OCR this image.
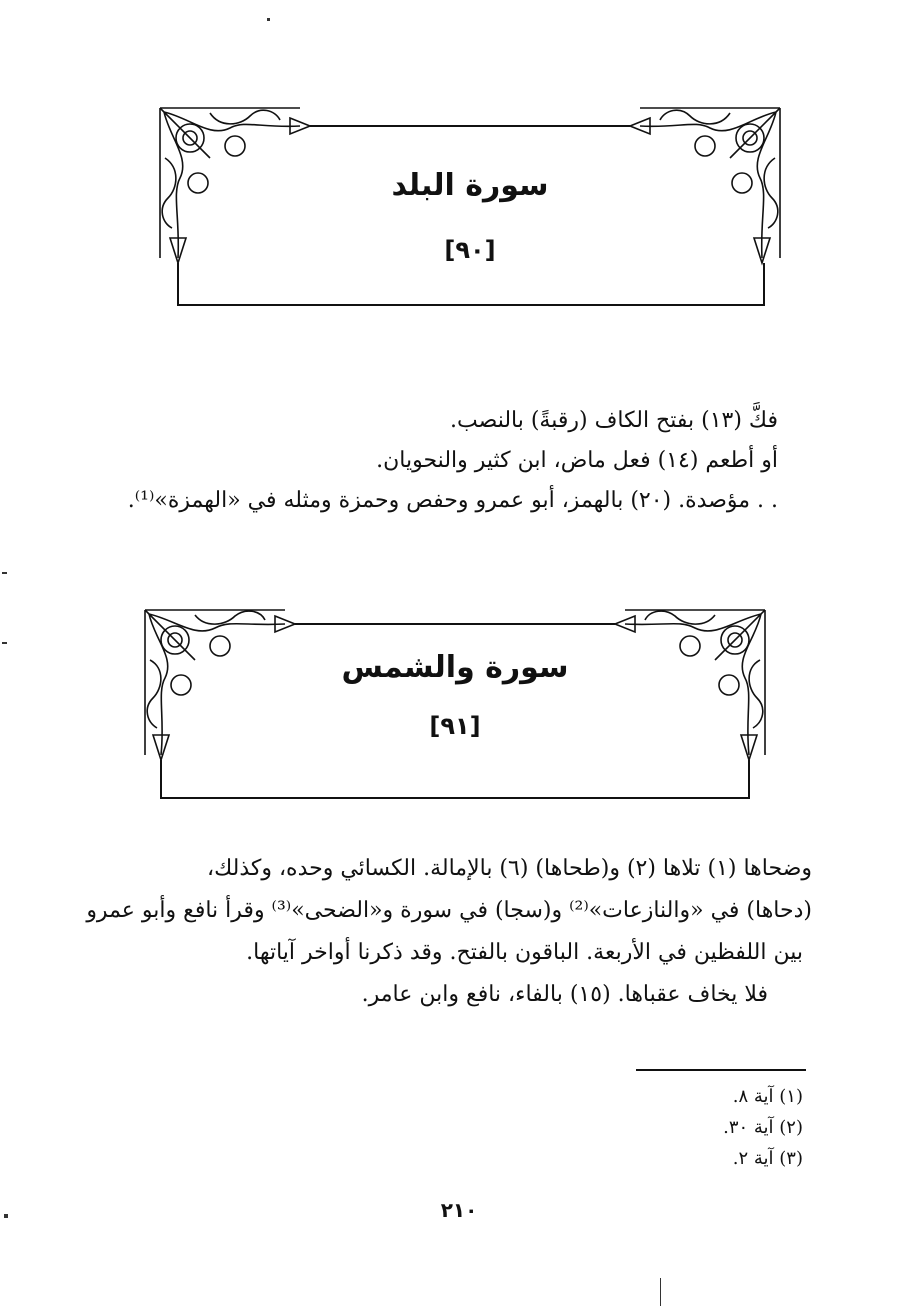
سورة البلد
[٩٠]
فكَّ (١٣) بفتح الكاف (رقبةً) بالنصب.
أو أطعم (١٤) فعل ماض، ابن كثير والنحويان.
. . مؤصدة. (٢٠) بالهمز، أبو عمرو وحفص وحمزة ومثله في «الهمزة»⁽¹⁾.
سورة والشمس
[٩١]
وضحاها (١) تلاها (٢) و(طحاها) (٦) بالإمالة. الكسائي وحده، وكذلك،
(دحاها) في «والنازعات»⁽²⁾ و(سجا) في سورة و«الضحى»⁽³⁾ وقرأ نافع وأبو عمرو
بين اللفظين في الأربعة. الباقون بالفتح. وقد ذكرنا أواخر آياتها.
فلا يخاف عقباها. (١٥) بالفاء، نافع وابن عامر.
(١) آية ٨.
(٢) آية ٣٠.
(٣) آية ٢.
٢١٠
